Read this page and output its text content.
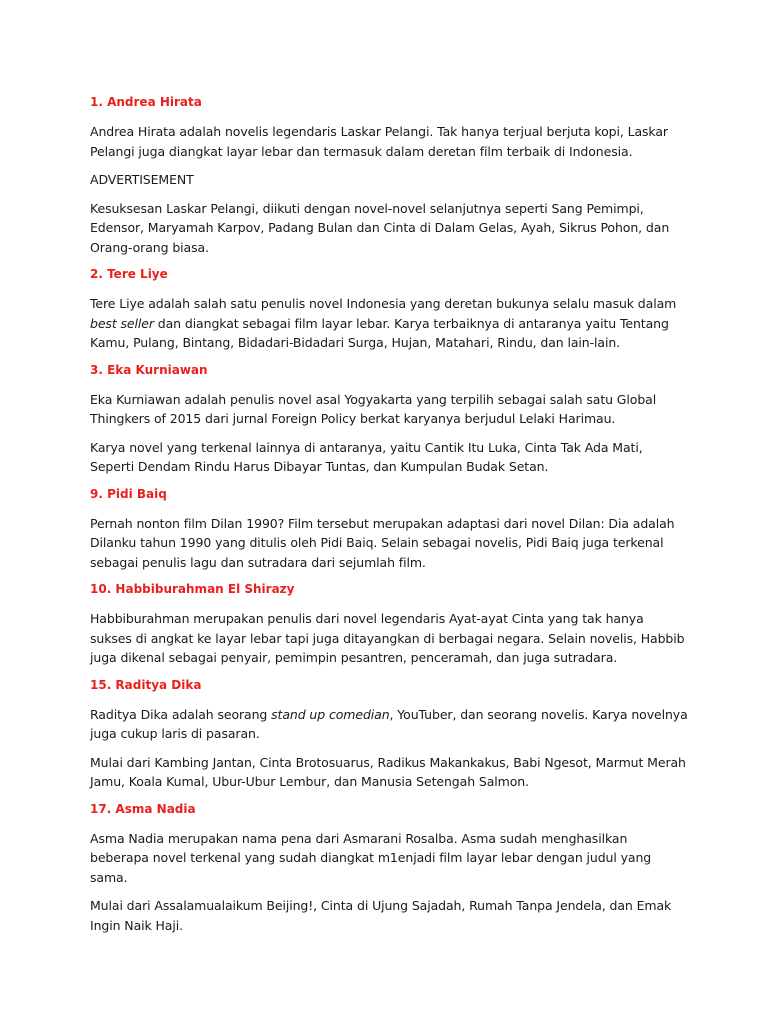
1. Andrea Hirata

Andrea Hirata adalah novelis legendaris Laskar Pelangi. Tak hanya terjual berjuta kopi, Laskar Pelangi juga diangkat layar lebar dan termasuk dalam deretan film terbaik di Indonesia.

ADVERTISEMENT

Kesuksesan Laskar Pelangi, diikuti dengan novel-novel selanjutnya seperti Sang Pemimpi, Edensor, Maryamah Karpov, Padang Bulan dan Cinta di Dalam Gelas, Ayah, Sikrus Pohon, dan Orang-orang biasa.

2. Tere Liye

Tere Liye adalah salah satu penulis novel Indonesia yang deretan bukunya selalu masuk dalam best seller dan diangkat sebagai film layar lebar. Karya terbaiknya di antaranya yaitu Tentang Kamu, Pulang, Bintang, Bidadari-Bidadari Surga, Hujan, Matahari, Rindu, dan lain-lain.

3. Eka Kurniawan

Eka Kurniawan adalah penulis novel asal Yogyakarta yang terpilih sebagai salah satu Global Thingkers of 2015 dari jurnal Foreign Policy berkat karyanya berjudul Lelaki Harimau.

Karya novel yang terkenal lainnya di antaranya, yaitu Cantik Itu Luka, Cinta Tak Ada Mati, Seperti Dendam Rindu Harus Dibayar Tuntas, dan Kumpulan Budak Setan.

9. Pidi Baiq

Pernah nonton film Dilan 1990? Film tersebut merupakan adaptasi dari novel Dilan: Dia adalah Dilanku tahun 1990 yang ditulis oleh Pidi Baiq. Selain sebagai novelis, Pidi Baiq juga terkenal sebagai penulis lagu dan sutradara dari sejumlah film.

10. Habbiburahman El Shirazy

Habbiburahman merupakan penulis dari novel legendaris Ayat-ayat Cinta yang tak hanya sukses di angkat ke layar lebar tapi juga ditayangkan di berbagai negara. Selain novelis, Habbib juga dikenal sebagai penyair, pemimpin pesantren, penceramah, dan juga sutradara.

15. Raditya Dika

Raditya Dika adalah seorang stand up comedian, YouTuber, dan seorang novelis. Karya novelnya juga cukup laris di pasaran.

Mulai dari Kambing Jantan, Cinta Brotosuarus, Radikus Makankakus, Babi Ngesot, Marmut Merah Jamu, Koala Kumal, Ubur-Ubur Lembur, dan Manusia Setengah Salmon.

17. Asma Nadia

Asma Nadia merupakan nama pena dari Asmarani Rosalba. Asma sudah menghasilkan beberapa novel terkenal yang sudah diangkat m1enjadi film layar lebar dengan judul yang sama.

Mulai dari Assalamualaikum Beijing!, Cinta di Ujung Sajadah, Rumah Tanpa Jendela, dan Emak Ingin Naik Haji.
